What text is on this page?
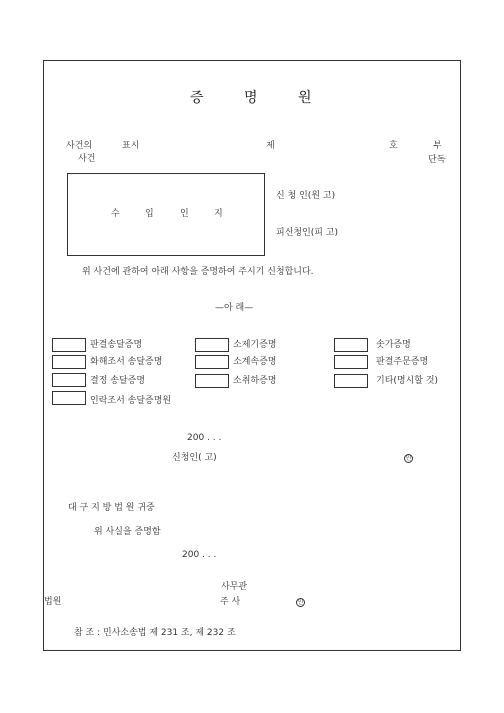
증	명	원
사건의	표시
사건
제	호	부
단독
수	입	인	지
신 청 인(원 고)
피신청인(피 고)
위 사건에 관하여 아래 사항을 증명하여 주시기 신청합니다.
—아 래—
판결송달증명	소제기증명	솟가증명
화해조서 송달증명	소계속증명	판결주문증명
결정 송달증명	소취하증명	기타(명시할 것)
인락조서 송달증명원
200 . . .
신청인( 고)	인
대 구 지 방 법 원 귀중
위 사실을 증명함
200 . . .
사무관
법원	주 사	인
참 조 : 민사소송법 제 231 조, 제 232 조
